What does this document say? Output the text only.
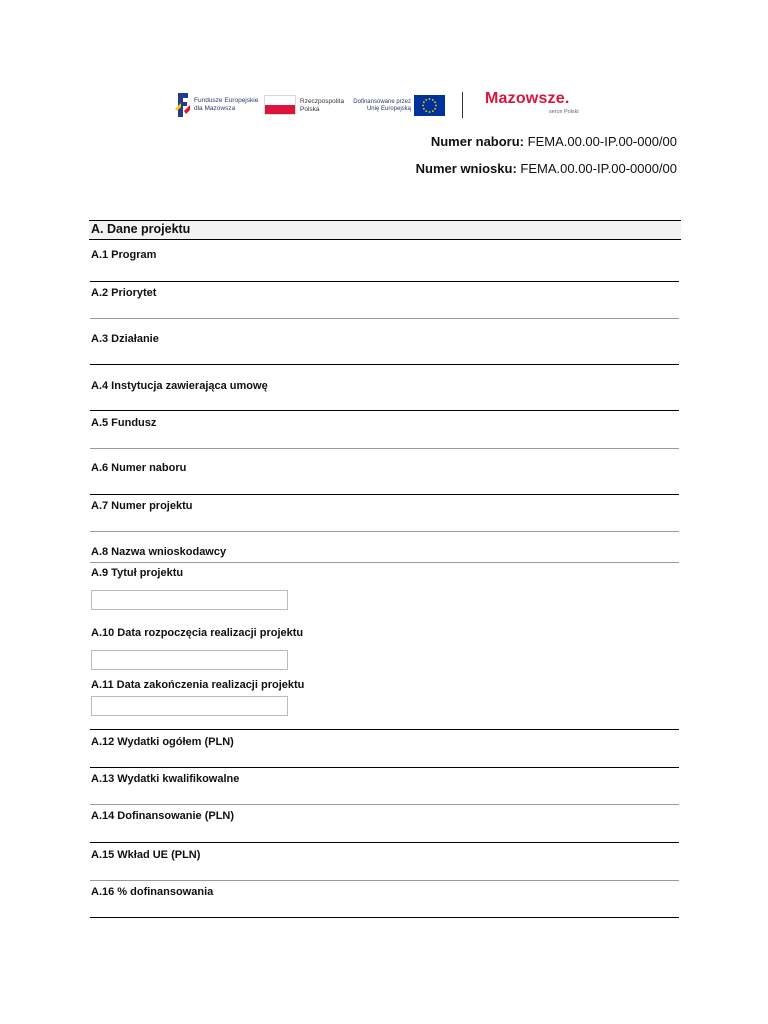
Fundusze Europejskie
dla Mazowsza
Rzeczpospolita
Polska
Dofinansowane przez
Unię Europejską
Mazowsze.
serce Polski
Numer naboru: FEMA.00.00-IP.00-000/00
Numer wniosku: FEMA.00.00-IP.00-0000/00
A. Dane projektu
A.1 Program
A.2 Priorytet
A.3 Działanie
A.4 Instytucja zawierająca umowę
A.5 Fundusz
A.6 Numer naboru
A.7 Numer projektu
A.8 Nazwa wnioskodawcy
A.9 Tytuł projektu
A.10 Data rozpoczęcia realizacji projektu
A.11 Data zakończenia realizacji projektu
A.12 Wydatki ogółem (PLN)
A.13 Wydatki kwalifikowalne
A.14 Dofinansowanie (PLN)
A.15 Wkład UE (PLN)
A.16 % dofinansowania
